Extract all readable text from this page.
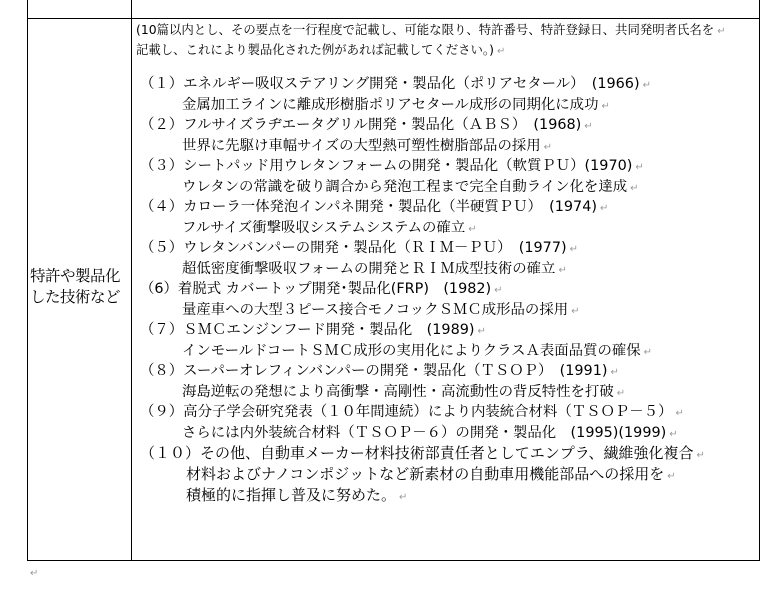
特許や製品化した技術など
(10篇以内とし、その要点を一行程度で記載し、可能な限り、特許番号、特許登録日、共同発明者氏名を ↵
記載し、これにより製品化された例があれば記載してください。) ↵
（１）エネルギー吸収ステアリング開発・製品化（ポリアセタール）　(1966) ↵
金属加工ラインに離成形樹脂ポリアセタール成形の同期化に成功 ↵
（２）フルサイズラヂエータグリル開発・製品化（ＡＢＳ）　(1968) ↵
世界に先駆け車幅サイズの大型熱可塑性樹脂部品の採用 ↵
（３）シートパッド用ウレタンフォームの開発・製品化（軟質ＰＵ）(1970) ↵
ウレタンの常識を破り調合から発泡工程まで完全自動ライン化を達成 ↵
（４）カローラ一体発泡インパネ開発・製品化（半硬質ＰＵ）　(1974) ↵
フルサイズ衝撃吸収システムシステムの確立 ↵
（５）ウレタンバンパーの開発・製品化（ＲＩＭ－ＰＵ）　(1977) ↵
超低密度衝撃吸収フォームの開発とＲＩＭ成型技術の確立 ↵
（6）着脱式 カバートップ開発･製品化(FRP)　(1982) ↵
量産車への大型３ピース接合モノコックＳＭＣ成形品の採用 ↵
（７）ＳＭＣエンジンフード開発・製品化　(1989) ↵
インモールドコートＳＭＣ成形の実用化によりクラスＡ表面品質の確保 ↵
（８）スーパーオレフィンバンパーの開発・製品化（ＴＳＯＰ）　(1991) ↵
海島逆転の発想により高衝撃・高剛性・高流動性の背反特性を打破 ↵
（９）高分子学会研究発表（１０年間連続）により内装統合材料（ＴＳＯＰ－５） ↵
さらには内外装統合材料（ＴＳＯＰ－６）の開発・製品化　(1995)(1999) ↵
（１０）その他、自動車メーカー材料技術部責任者としてエンプラ、繊維強化複合 ↵
材料およびナノコンポジットなど新素材の自動車用機能部品への採用を ↵
積極的に指揮し普及に努めた。 ↵
↵
